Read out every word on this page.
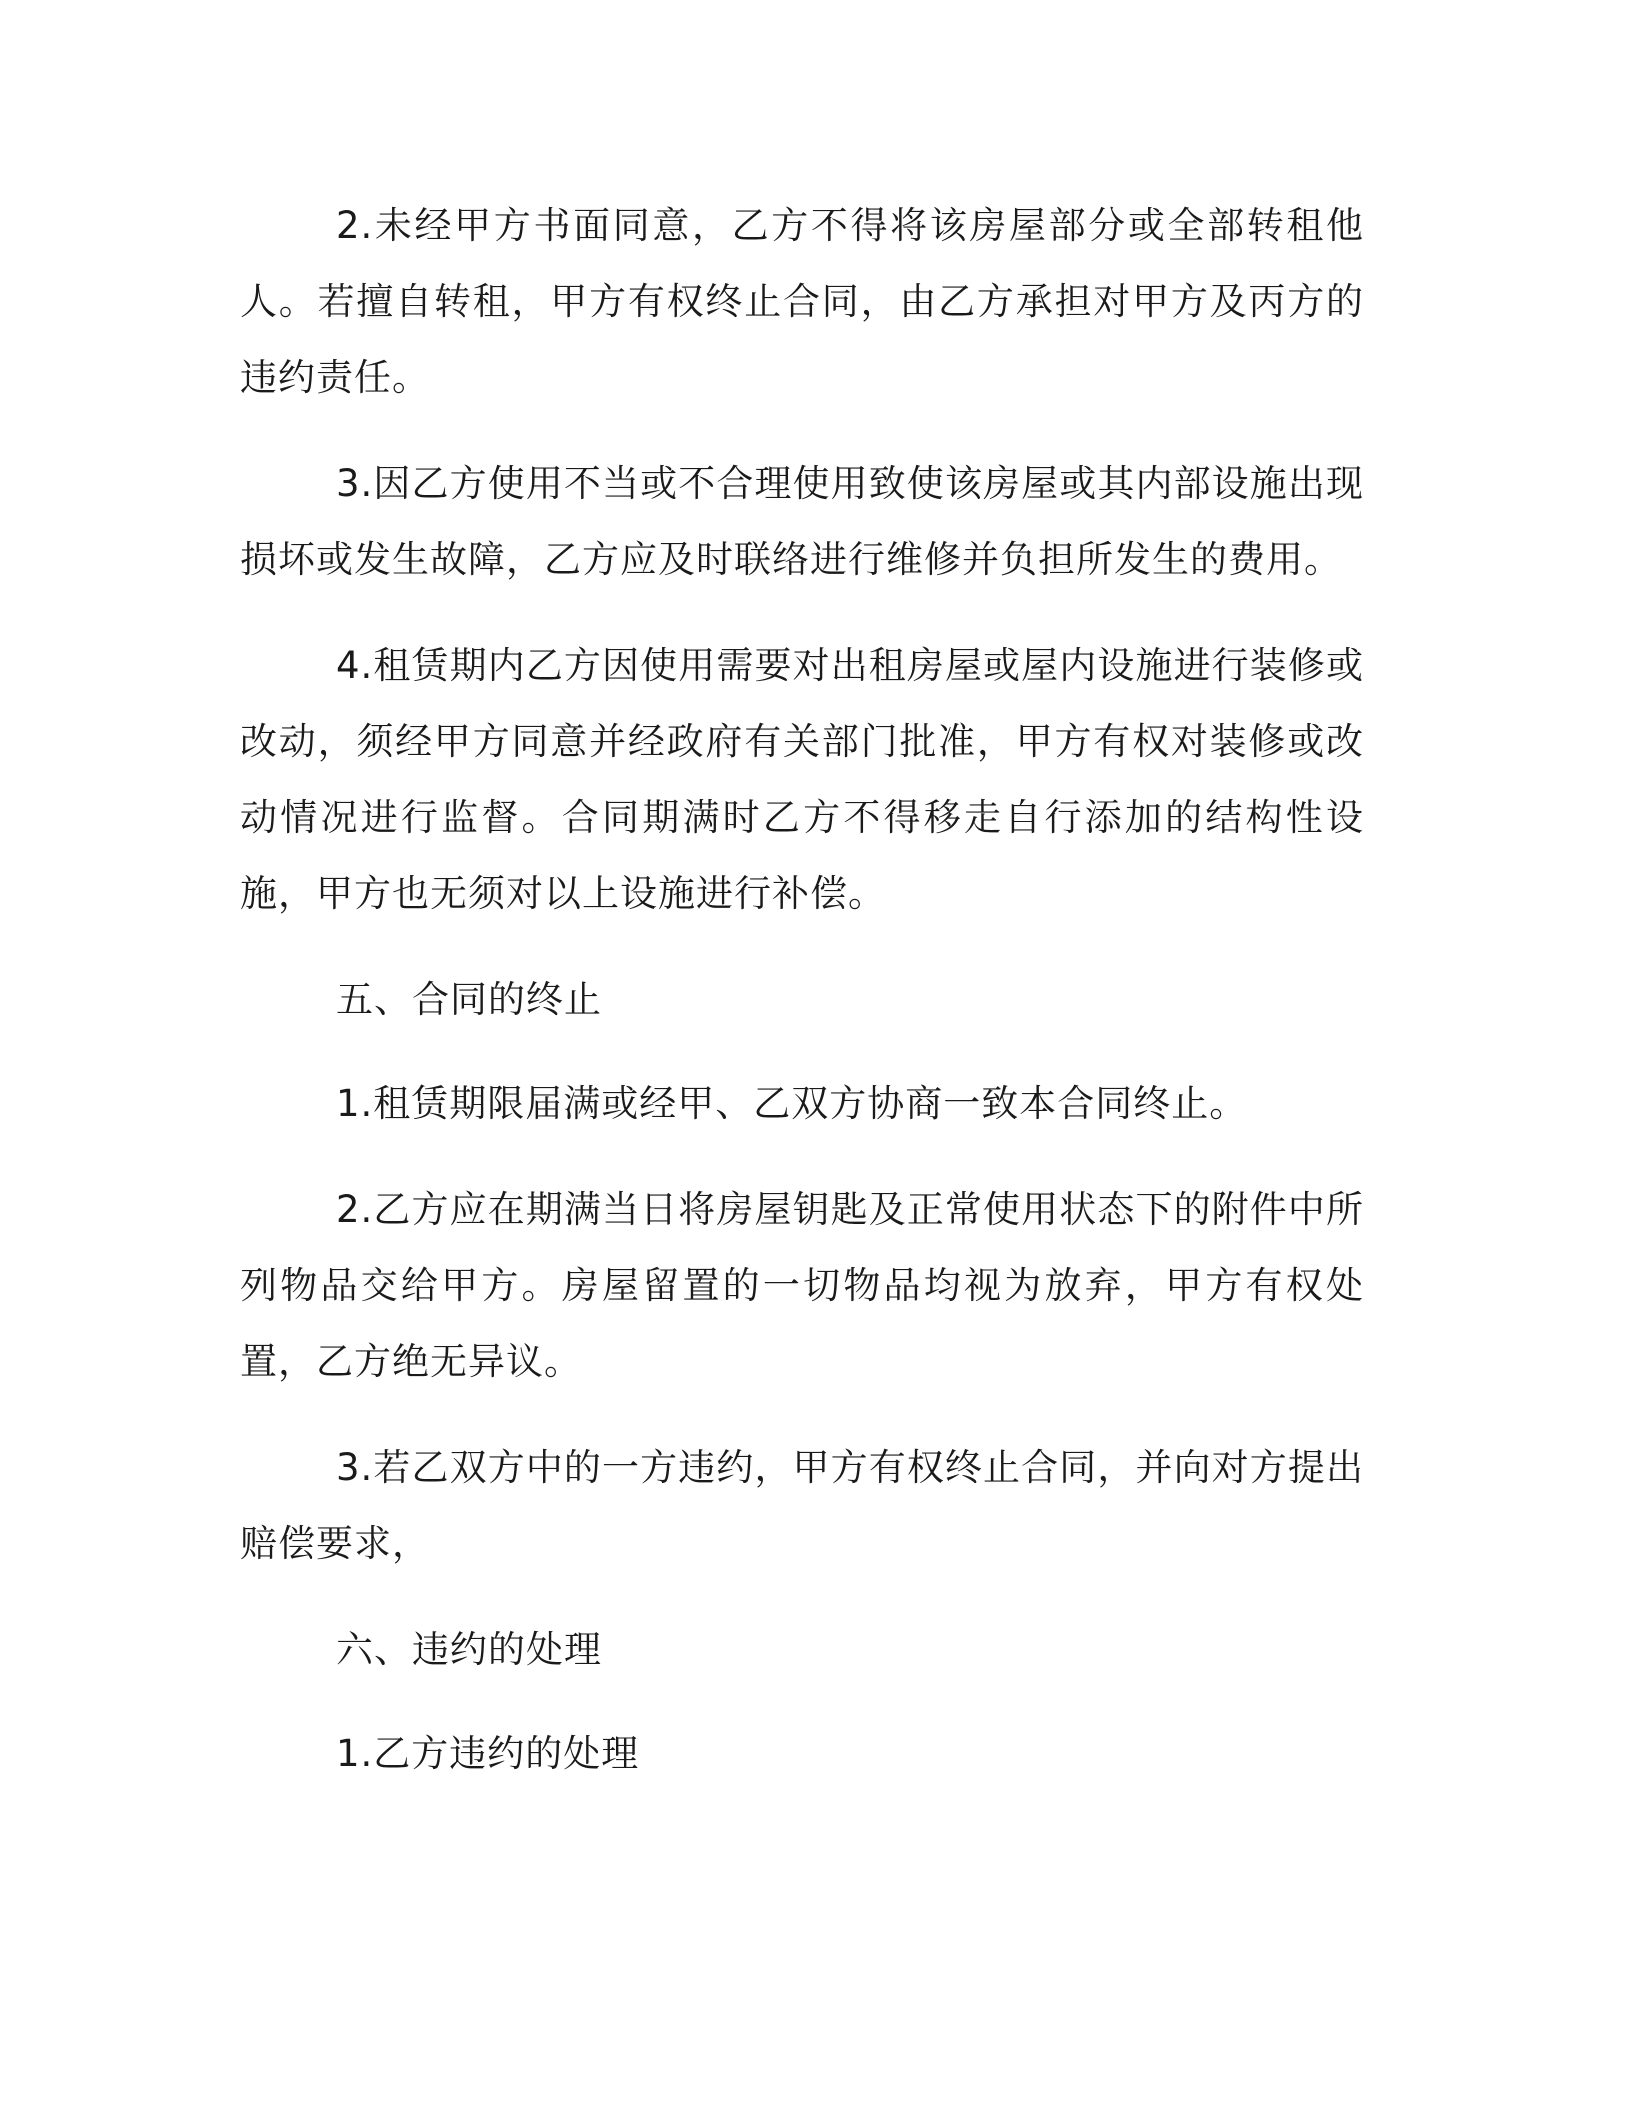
2.未经甲方书面同意，乙方不得将该房屋部分或全部转租他人。若擅自转租，甲方有权终止合同，由乙方承担对甲方及丙方的违约责任。

3.因乙方使用不当或不合理使用致使该房屋或其内部设施出现损坏或发生故障，乙方应及时联络进行维修并负担所发生的费用。

4.租赁期内乙方因使用需要对出租房屋或屋内设施进行装修或改动，须经甲方同意并经政府有关部门批准，甲方有权对装修或改动情况进行监督。合同期满时乙方不得移走自行添加的结构性设施，甲方也无须对以上设施进行补偿。

五、合同的终止

1.租赁期限届满或经甲、乙双方协商一致本合同终止。

2.乙方应在期满当日将房屋钥匙及正常使用状态下的附件中所列物品交给甲方。房屋留置的一切物品均视为放弃，甲方有权处置，乙方绝无异议。

3.若乙双方中的一方违约，甲方有权终止合同，并向对方提出赔偿要求，

六、违约的处理

1.乙方违约的处理
